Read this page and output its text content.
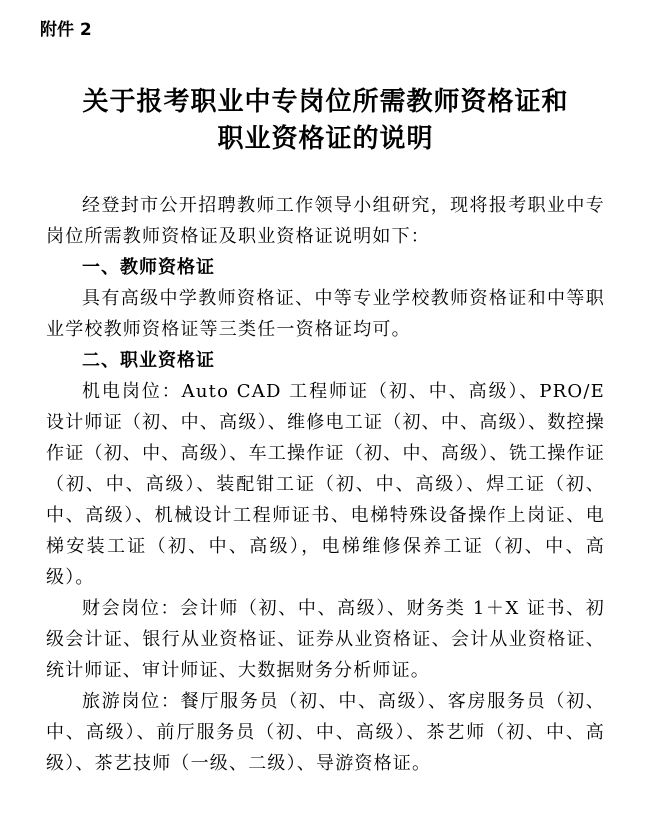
附件 2
关于报考职业中专岗位所需教师资格证和
职业资格证的说明

经登封市公开招聘教师工作领导小组研究，现将报考职业中专岗位所需教师资格证及职业资格证说明如下：

一、教师资格证

具有高级中学教师资格证、中等专业学校教师资格证和中等职业学校教师资格证等三类任一资格证均可。

二、职业资格证

机电岗位：Auto CAD 工程师证（初、中、高级）、PRO/E设计师证（初、中、高级）、维修电工证（初、中、高级）、数控操作证（初、中、高级）、车工操作证（初、中、高级）、铣工操作证（初、中、高级）、装配钳工证（初、中、高级）、焊工证（初、中、高级）、机械设计工程师证书、电梯特殊设备操作上岗证、电梯安装工证（初、中、高级），电梯维修保养工证（初、中、高级）。

财会岗位：会计师（初、中、高级）、财务类 1＋X 证书、初级会计证、银行从业资格证、证券从业资格证、会计从业资格证、统计师证、审计师证、大数据财务分析师证。

旅游岗位：餐厅服务员（初、中、高级）、客房服务员（初、中、高级）、前厅服务员（初、中、高级）、茶艺师（初、中、高级）、茶艺技师（一级、二级）、导游资格证。
